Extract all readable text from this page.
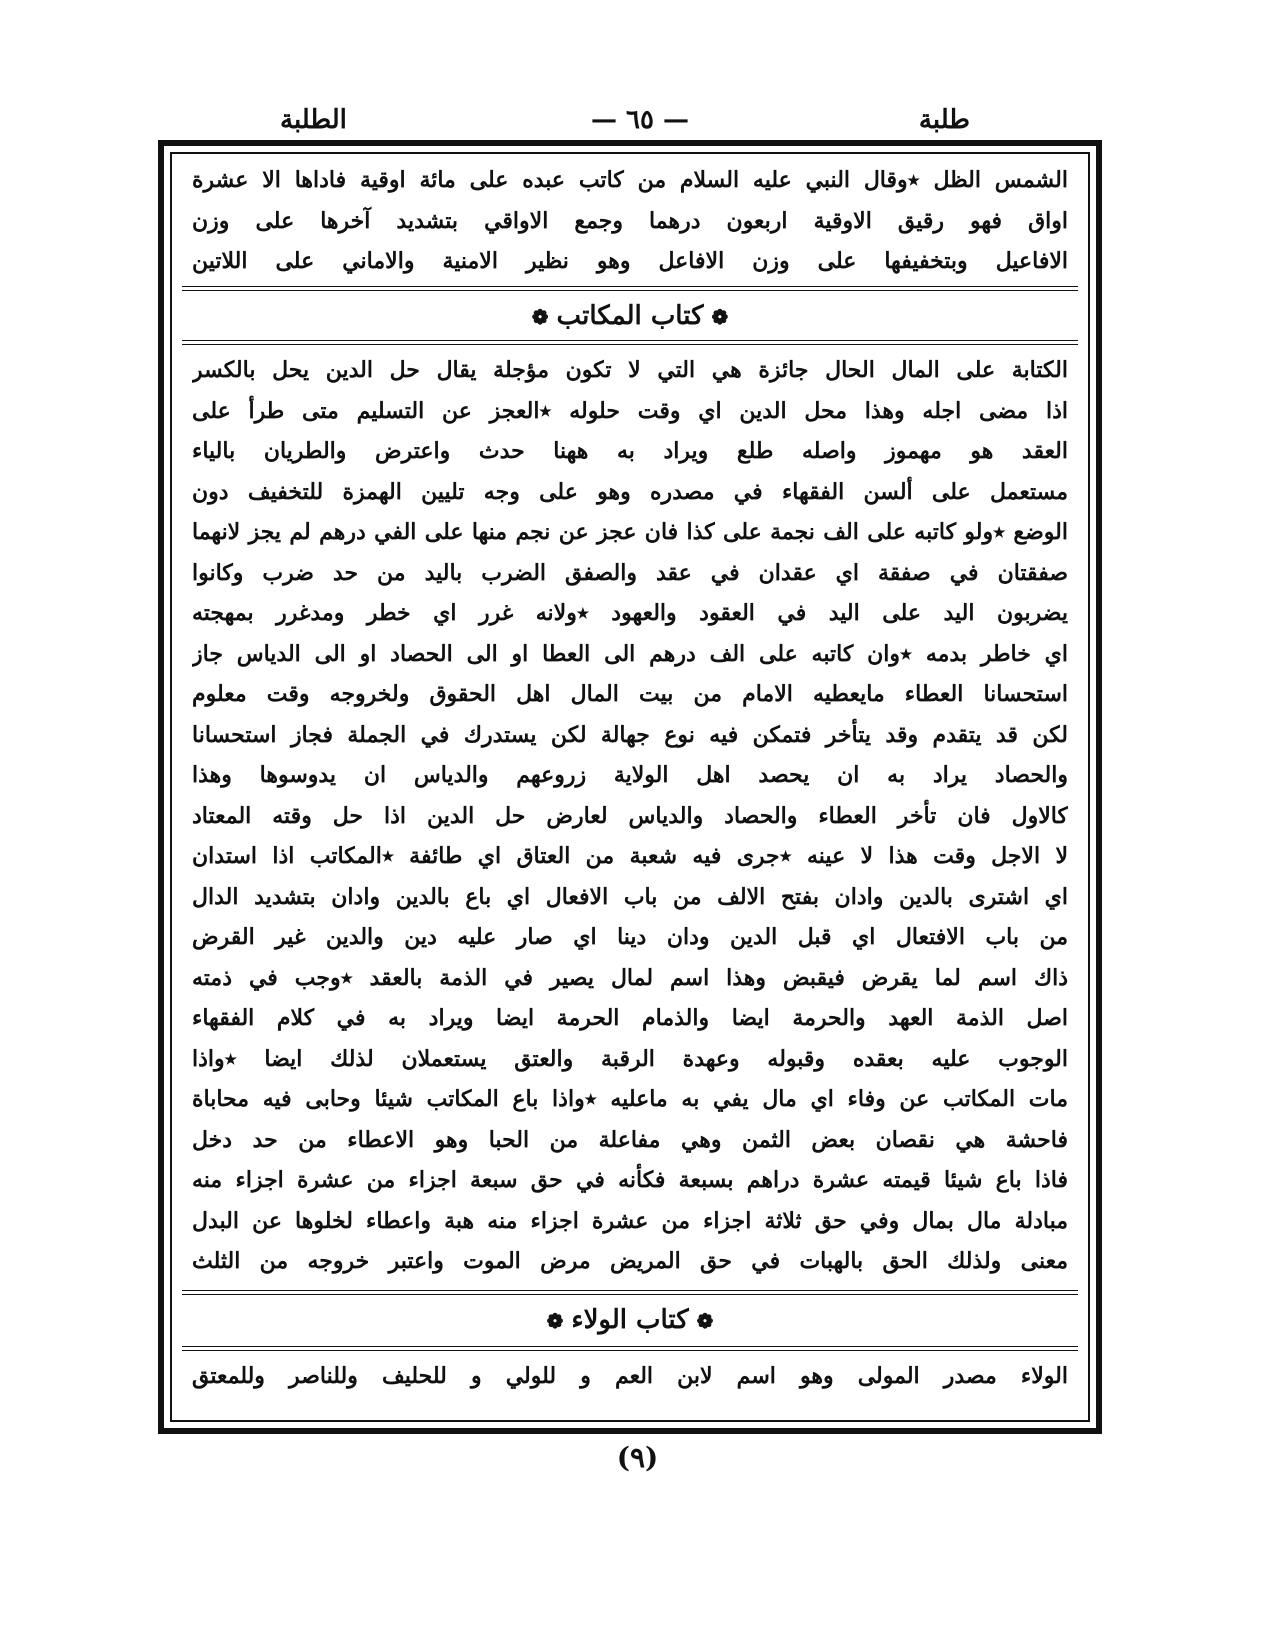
طلبة
— ٦٥ —
الطلبة
الشمس الظل ٭وقال النبي عليه السلام من كاتب عبده على مائة اوقية فاداها الا عشرة
اواق فهو رقيق الاوقية اربعون درهما وجمع الاواقي بتشديد آخرها على وزن
الافاعيل وبتخفيفها على وزن الافاعل وهو نظير الامنية والاماني على اللاتين
❁كتاب المكاتب❁
الكتابة على المال الحال جائزة هي التي لا تكون مؤجلة يقال حل الدين يحل بالكسر
اذا مضى اجله وهذا محل الدين اي وقت حلوله ٭العجز عن التسليم متى طرأ على
العقد هو مهموز واصله طلع ويراد به ههنا حدث واعترض والطريان بالياء
مستعمل على ألسن الفقهاء في مصدره وهو على وجه تليين الهمزة للتخفيف دون
الوضع ٭ولو كاتبه على الف نجمة على كذا فان عجز عن نجم منها على الفي درهم لم يجز لانهما
صفقتان في صفقة اي عقدان في عقد والصفق الضرب باليد من حد ضرب وكانوا
يضربون اليد على اليد في العقود والعهود ٭ولانه غرر اي خطر ومدغرر بمهجته
اي خاطر بدمه ٭وان كاتبه على الف درهم الى العطا او الى الحصاد او الى الدياس جاز
استحسانا العطاء مايعطيه الامام من بيت المال اهل الحقوق ولخروجه وقت معلوم
لكن قد يتقدم وقد يتأخر فتمكن فيه نوع جهالة لكن يستدرك في الجملة فجاز استحسانا
والحصاد يراد به ان يحصد اهل الولاية زروعهم والدياس ان يدوسوها وهذا
كالاول فان تأخر العطاء والحصاد والدياس لعارض حل الدين اذا حل وقته المعتاد
لا الاجل وقت هذا لا عينه ٭جرى فيه شعبة من العتاق اي طائفة ٭المكاتب اذا استدان
اي اشترى بالدين وادان بفتح الالف من باب الافعال اي باع بالدين وادان بتشديد الدال
من باب الافتعال اي قبل الدين ودان دينا اي صار عليه دين والدين غير القرض
ذاك اسم لما يقرض فيقبض وهذا اسم لمال يصير في الذمة بالعقد ٭وجب في ذمته
اصل الذمة العهد والحرمة ايضا والذمام الحرمة ايضا ويراد به في كلام الفقهاء
الوجوب عليه بعقده وقبوله وعهدة الرقبة والعتق يستعملان لذلك ايضا ٭واذا
مات المكاتب عن وفاء اي مال يفي به ماعليه ٭واذا باع المكاتب شيئا وحابى فيه محاباة
فاحشة هي نقصان بعض الثمن وهي مفاعلة من الحبا وهو الاعطاء من حد دخل
فاذا باع شيئا قيمته عشرة دراهم بسبعة فكأنه في حق سبعة اجزاء من عشرة اجزاء منه
مبادلة مال بمال وفي حق ثلاثة اجزاء من عشرة اجزاء منه هبة واعطاء لخلوها عن البدل
معنى ولذلك الحق بالهبات في حق المريض مرض الموت واعتبر خروجه من الثلث
❁كتاب الولاء❁
الولاء مصدر المولى وهو اسم لابن العم و للولي و للحليف وللناصر وللمعتق
(٩)
